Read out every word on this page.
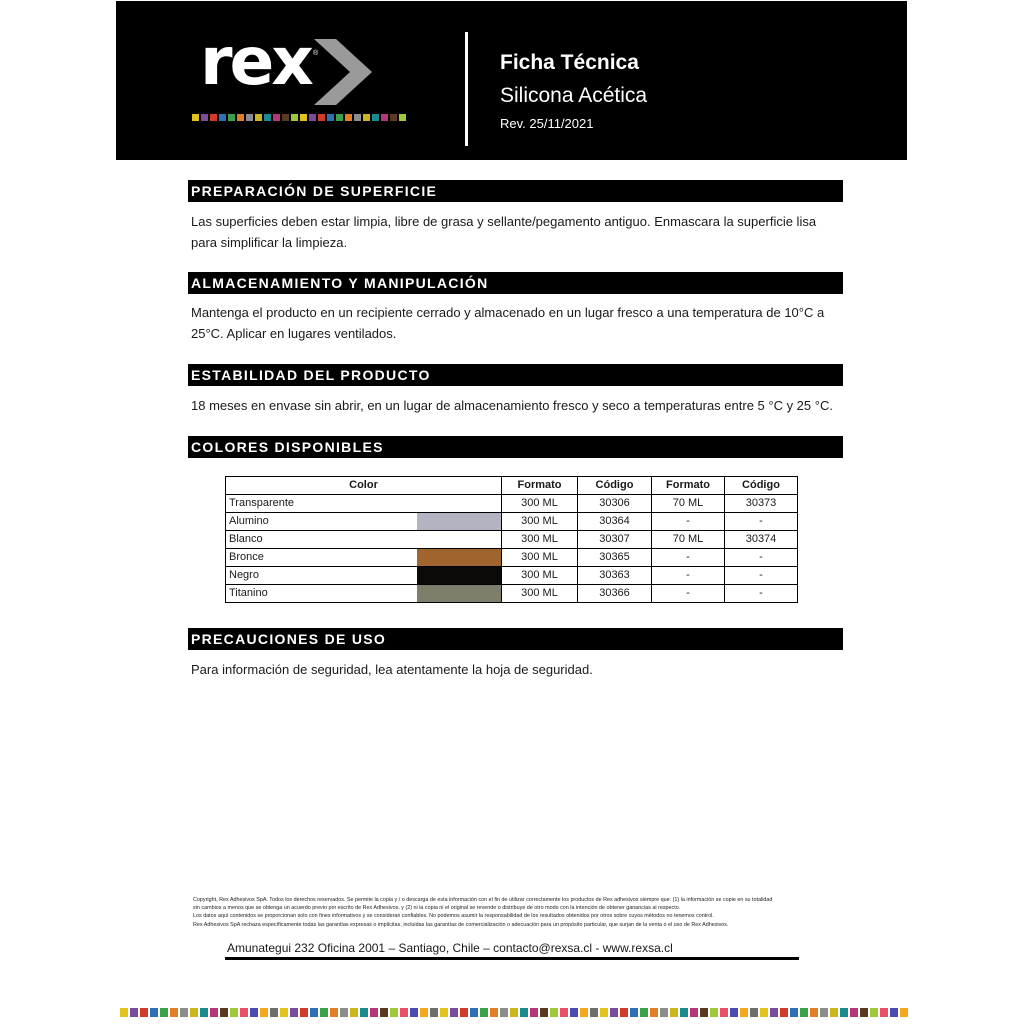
rex ®	Ficha Técnica
Silicona Acética
Rev. 25/11/2021
PREPARACIÓN DE SUPERFICIE
Las superficies deben estar limpia, libre de grasa y sellante/pegamento antiguo. Enmascara la superficie lisa
para simplificar la limpieza.
ALMACENAMIENTO Y MANIPULACIÓN
Mantenga el producto en un recipiente cerrado y almacenado en un lugar fresco a una temperatura de 10°C a
25°C. Aplicar en lugares ventilados.
ESTABILIDAD DEL PRODUCTO
18 meses en envase sin abrir, en un lugar de almacenamiento fresco y seco a temperaturas entre 5 °C y 25 °C.
COLORES DISPONIBLES
Color	Formato	Código	Formato	Código

Transparente	300 ML	30306	70 ML	30373

Alumino	300 ML	30364	-	-

Blanco	300 ML	30307	70 ML	30374

Bronce	300 ML	30365	-	-

Negro	300 ML	30363	-	-

Titanino	300 ML	30366	-	-
PRECAUCIONES DE USO
Para información de seguridad, lea atentamente la hoja de seguridad.

Copyright, Rex Adhesivos SpA. Todos los derechos reservados. Se permite la copia y / o descarga de esta información con el fin de utilizar correctamente los productos de Rex adhesivos siempre que: (1) la información se copie en su totalidad

sin cambios a menos que se obtenga un acuerdo previo por escrito de Rex Adhesivos, y (2) ni la copia ni el original se revende o distribuye de otro modo con la intención de obtener ganancias al respecto.

Los datos aquí contenidos se proporcionan solo con fines informativos y se consideran confiables. No podemos asumir la responsabilidad de los resultados obtenidos por otros sobre cuyos métodos no tenemos control.

Rex Adhesivos SpA rechaza específicamente todas las garantías expresas o implícitas, incluidas las garantías de comercialización o adecuación para un propósito particular, que surjan de la venta o el uso de Rex Adhesivos.

Amunategui 232 Oficina 2001 – Santiago, Chile – contacto@rexsa.cl - www.rexsa.cl
